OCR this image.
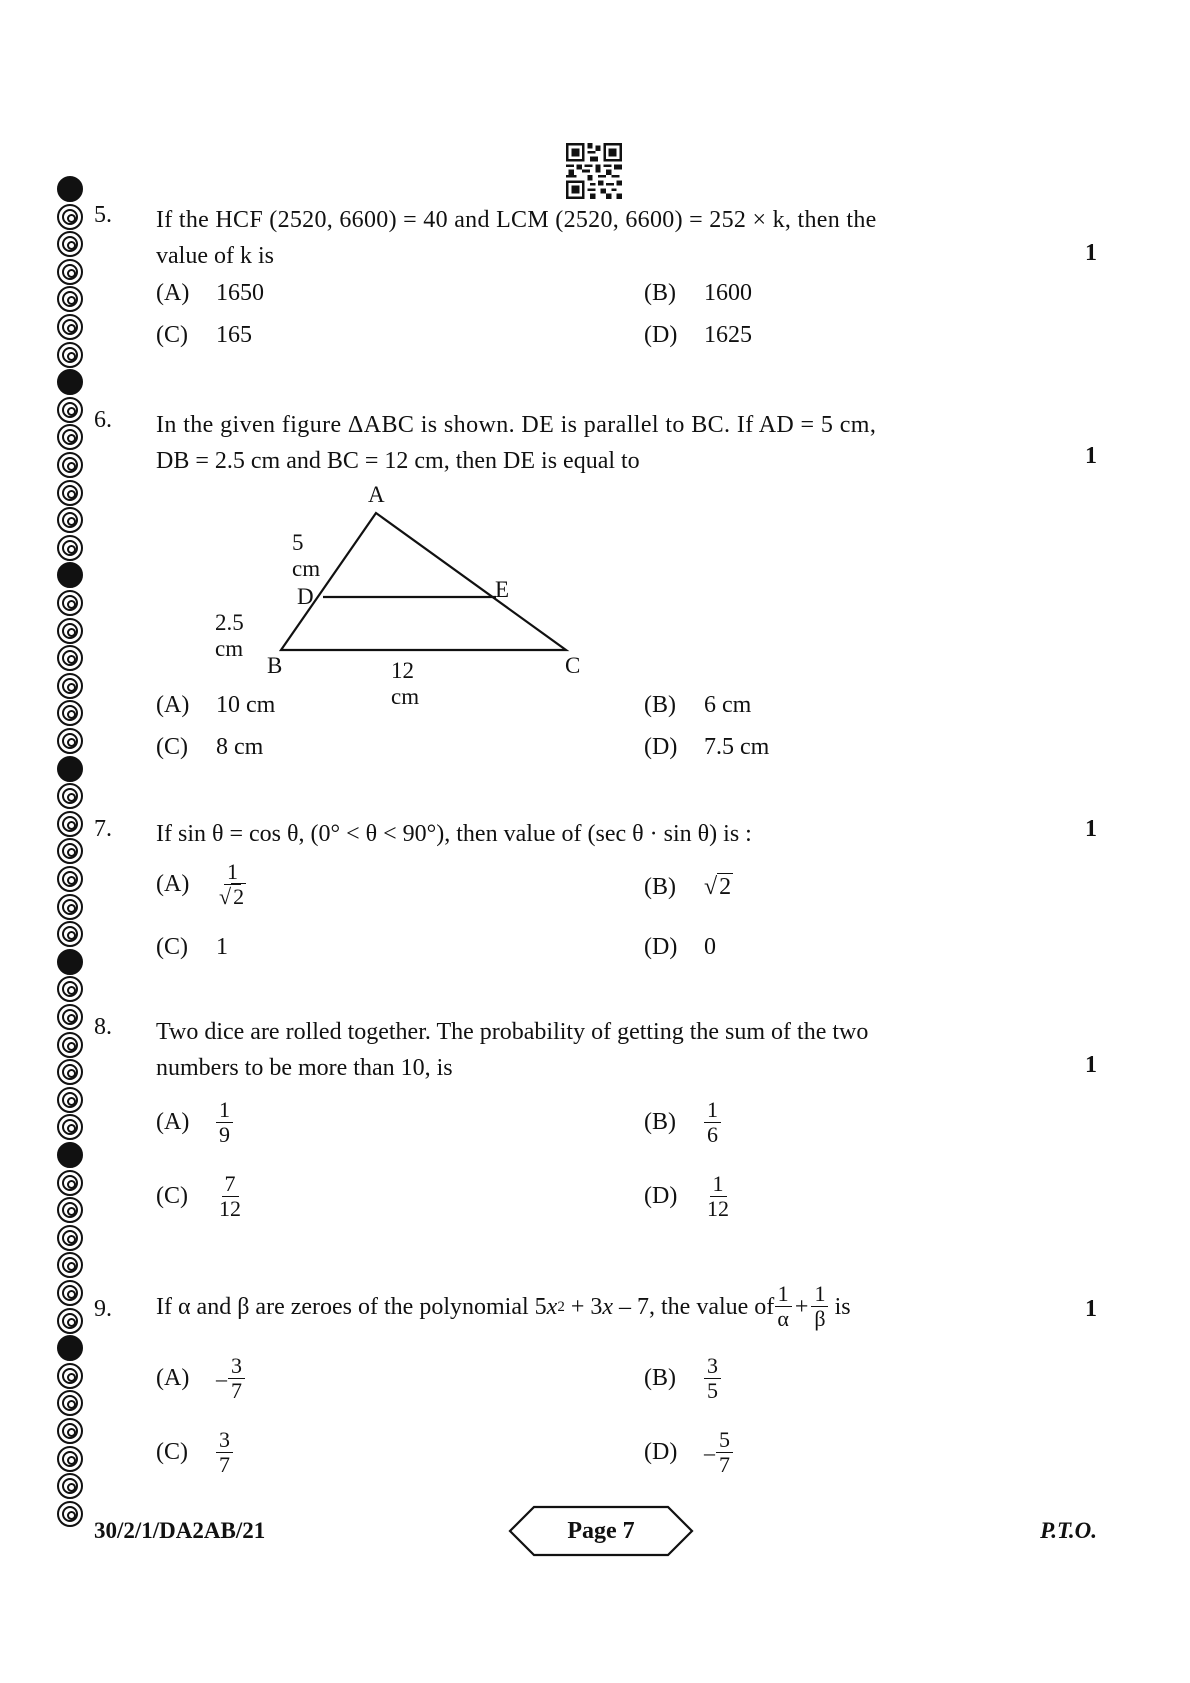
5. If the HCF (2520, 6600) = 40 and LCM (2520, 6600) = 252 × k, then the
value of k is	1
(A)	1650	(B)	1600
(C)	165	(D)	1625
6. In the given figure ΔABC is shown. DE is parallel to BC. If AD = 5 cm,
DB = 2.5 cm and BC = 12 cm, then DE is equal to	1
A
5 cm
D	E
2.5 cm
B	12 cm
C
(A)	10 cm	(B)	6 cm
(C)	8 cm	(D)	7.5 cm
7. If sin θ = cos θ, (0° < θ < 90°), then value of (sec θ · sin θ) is :	1
(A)	$\frac{1}{√2}$	(B)	√ 2
(C)	1	(D)	0
8. Two dice are rolled together. The probability of getting the sum of the two
numbers to be more than 10, is	1
(A)	$\frac{1}{9}$	(B)	$\frac{1}{6}$
(C)	$\frac{7}{12}$	(D)	$\frac{1}{12}$
9. If α and β are zeroes of the polynomial 5 x 2 + 3 x – 7, the value of $\frac{1}{\alpha} + \frac{1}{\beta}$ is	1
(A)	– $\frac{3}{7}$	(B)	$\frac{3}{5}$
(C)	$\frac{3}{7}$	(D)	– $\frac{5}{7}$
30/2/1/DA2AB/21	Page 7	P.T.O.
